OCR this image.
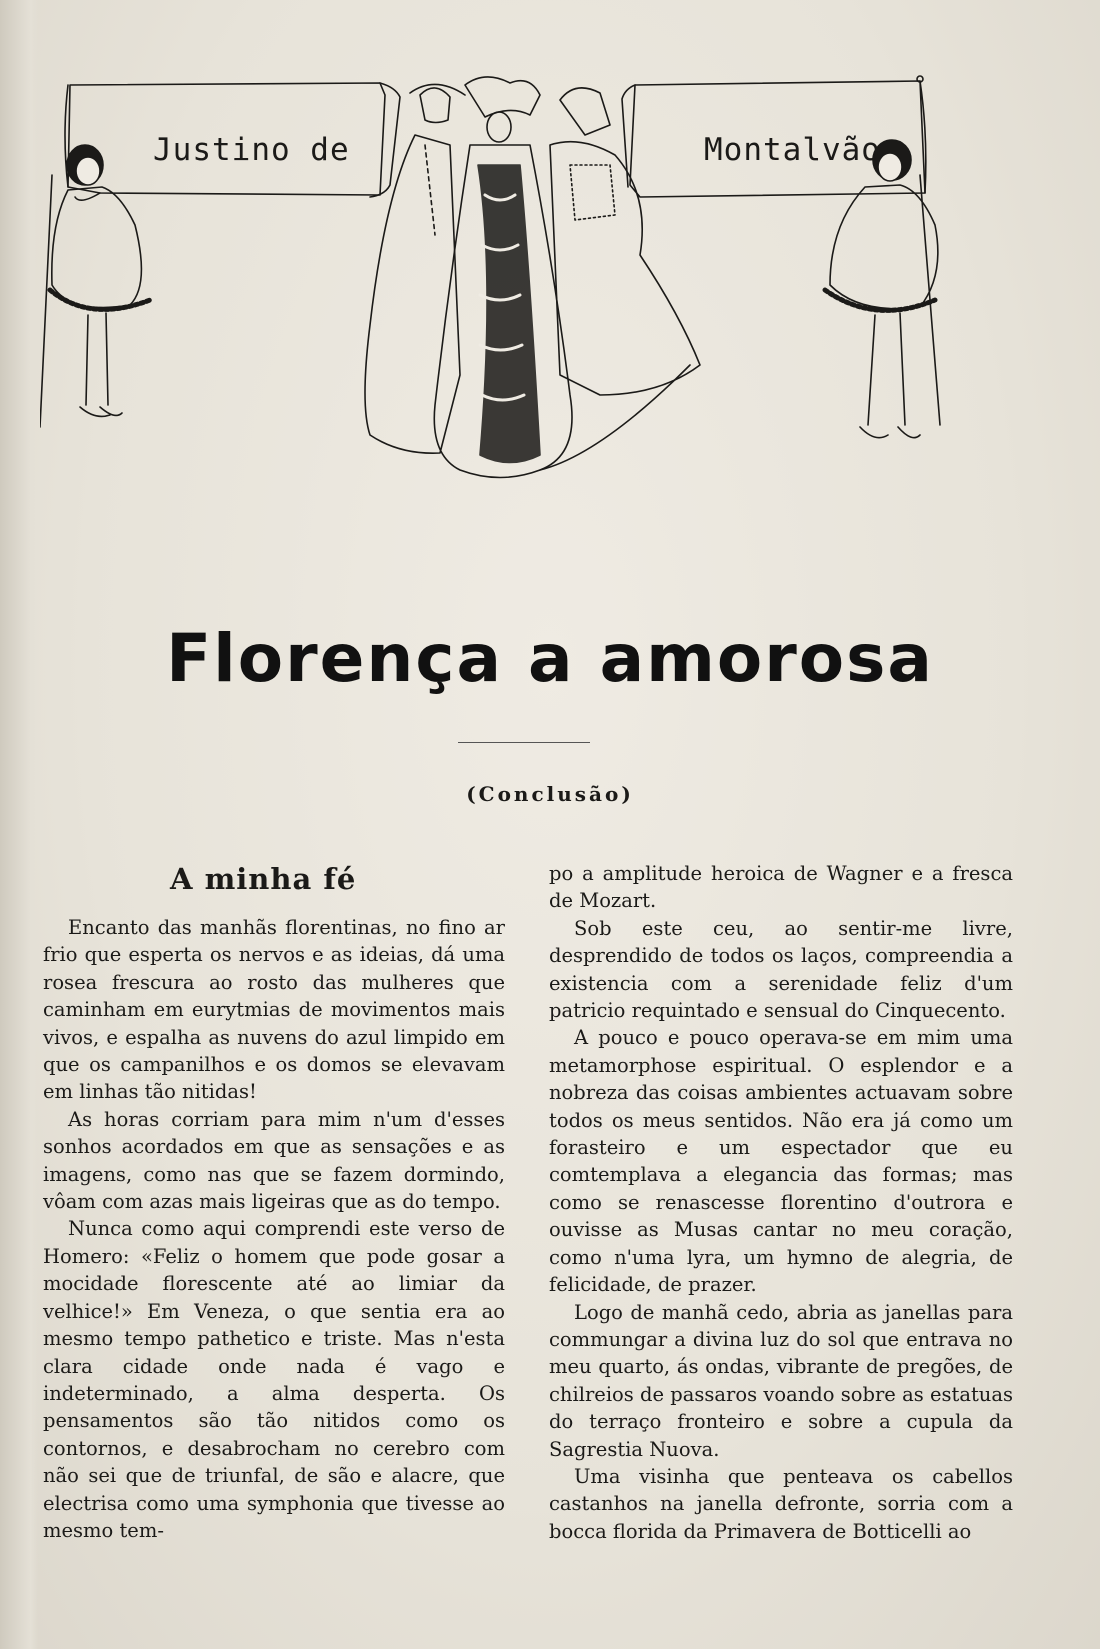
Justino de	Montalvão
Florença a amorosa
(Conclusão)
A minha fé

Encanto das manhãs florentinas, no fino ar frio que esperta os nervos e as ideias, dá uma rosea frescura ao rosto das mulheres que caminham em eurytmias de movimentos mais vivos, e espalha as nuvens do azul limpido em que os campanilhos e os domos se elevavam em linhas tão nitidas!

As horas corriam para mim n'um d'esses sonhos acordados em que as sensações e as imagens, como nas que se fazem dormindo, vôam com azas mais ligeiras que as do tempo.

Nunca como aqui comprendi este verso de Homero: «Feliz o homem que pode gosar a mocidade florescente até ao limiar da velhice!» Em Veneza, o que sentia era ao mesmo tempo pathetico e triste. Mas n'esta clara cidade onde nada é vago e indeterminado, a alma desperta. Os pensamentos são tão nitidos como os contornos, e desabrocham no cerebro com não sei que de triunfal, de são e alacre, que electrisa como uma symphonia que tivesse ao mesmo tem-

po a amplitude heroica de Wagner e a fresca de Mozart.

Sob este ceu, ao sentir-me livre, desprendido de todos os laços, compreendia a existencia com a serenidade feliz d'um patricio requintado e sensual do Cinquecento.

A pouco e pouco operava-se em mim uma metamorphose espiritual. O esplendor e a nobreza das coisas ambientes actuavam sobre todos os meus sentidos. Não era já como um forasteiro e um espectador que eu comtemplava a elegancia das formas; mas como se renascesse florentino d'outrora e ouvisse as Musas cantar no meu coração, como n'uma lyra, um hymno de alegria, de felicidade, de prazer.

Logo de manhã cedo, abria as janellas para commungar a divina luz do sol que entrava no meu quarto, ás ondas, vibrante de pregões, de chilreios de passaros voando sobre as estatuas do terraço fronteiro e sobre a cupula da Sagrestia Nuova.

Uma visinha que penteava os cabellos castanhos na janella defronte, sorria com a bocca florida da Primavera de Botticelli ao
